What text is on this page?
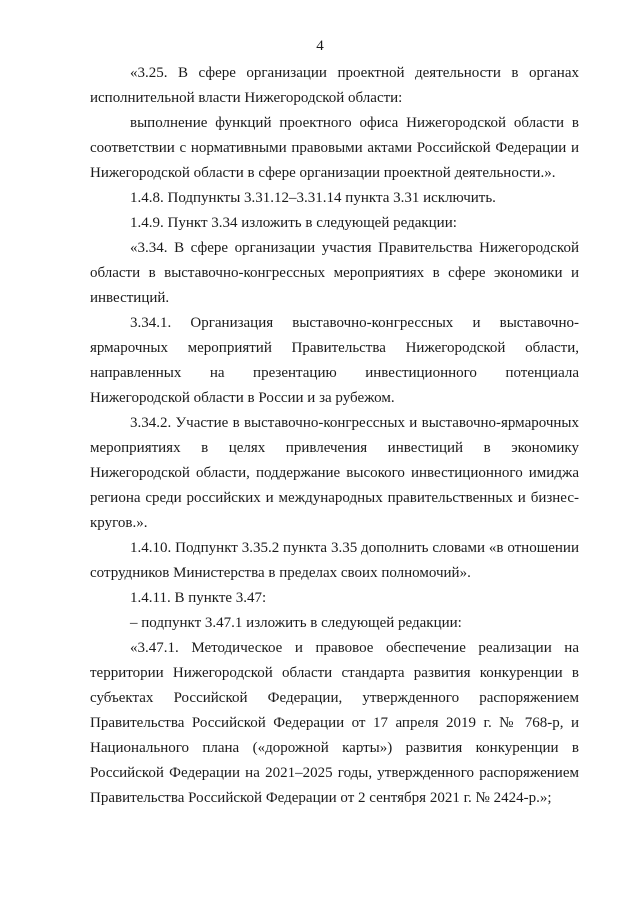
4

«3.25. В сфере организации проектной деятельности в органах исполнительной власти Нижегородской области:

выполнение функций проектного офиса Нижегородской области в соответствии с нормативными правовыми актами Российской Федерации и Нижегородской области в сфере организации проектной деятельности.».

1.4.8. Подпункты 3.31.12–3.31.14 пункта 3.31 исключить.

1.4.9. Пункт 3.34 изложить в следующей редакции:

«3.34. В сфере организации участия Правительства Нижегородской области в выставочно-конгрессных мероприятиях в сфере экономики и инвестиций.

3.34.1. Организация выставочно-конгрессных и выставочно-ярмарочных мероприятий Правительства Нижегородской области, направленных на презентацию инвестиционного потенциала Нижегородской области в России и за рубежом.

3.34.2. Участие в выставочно-конгрессных и выставочно-ярмарочных мероприятиях в целях привлечения инвестиций в экономику Нижегородской области, поддержание высокого инвестиционного имиджа региона среди российских и международных правительственных и бизнес-кругов.».

1.4.10. Подпункт 3.35.2 пункта 3.35 дополнить словами «в отношении сотрудников Министерства в пределах своих полномочий».

1.4.11. В пункте 3.47:

– подпункт 3.47.1 изложить в следующей редакции:

«3.47.1. Методическое и правовое обеспечение реализации на территории Нижегородской области стандарта развития конкуренции в субъектах Российской Федерации, утвержденного распоряжением Правительства Российской Федерации от 17 апреля 2019 г. № 768-р, и Национального плана («дорожной карты») развития конкуренции в Российской Федерации на 2021–2025 годы, утвержденного распоряжением Правительства Российской Федерации от 2 сентября 2021 г. № 2424-р.»;
